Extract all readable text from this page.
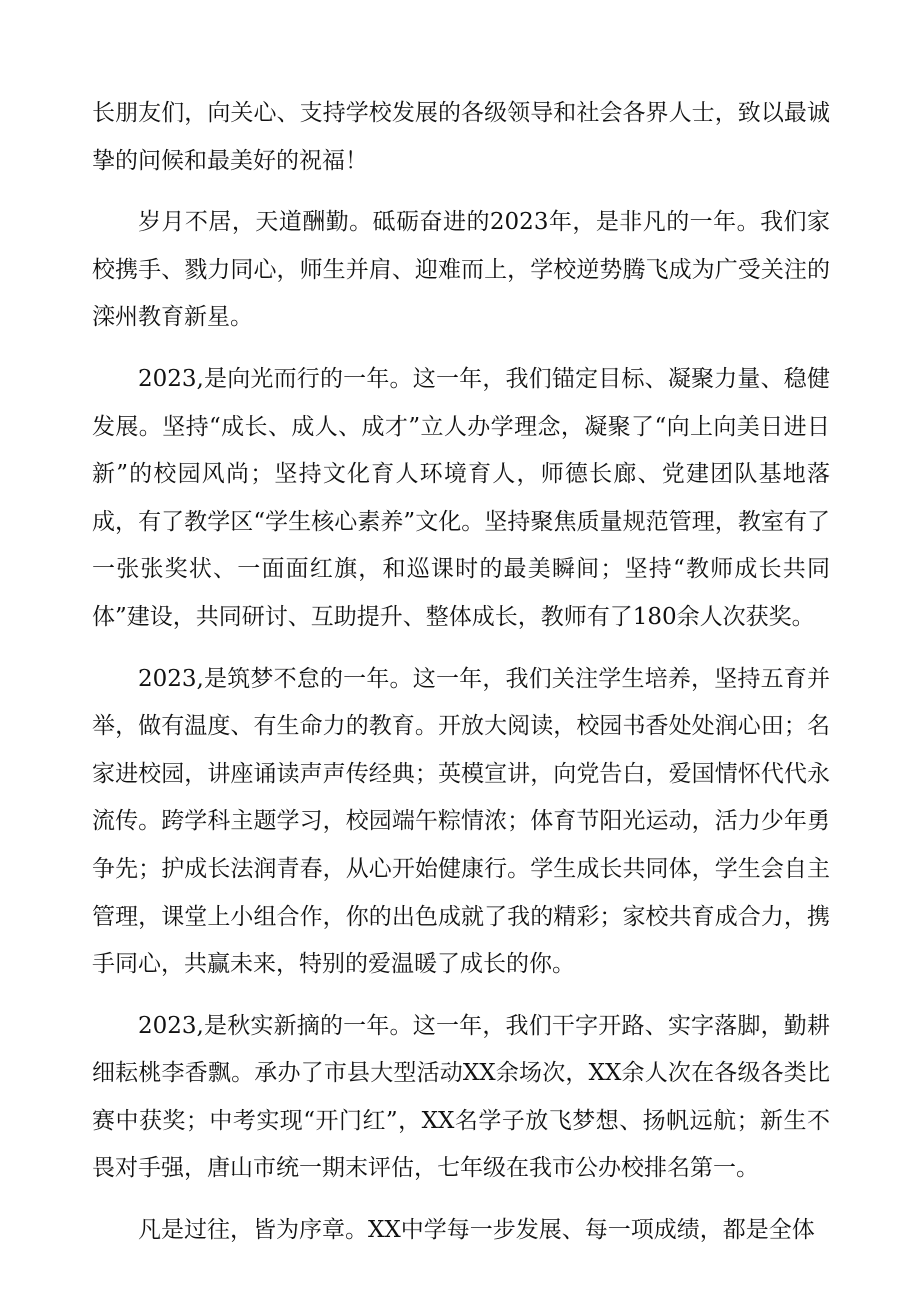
长朋友们，向关心、支持学校发展的各级领导和社会各界人士，致以最诚挚的问候和最美好的祝福！

岁月不居，天道酬勤。砥砺奋进的2023年，是非凡的一年。我们家校携手、戮力同心，师生并肩、迎难而上，学校逆势腾飞成为广受关注的滦州教育新星。

2023,是向光而行的一年。这一年，我们锚定目标、凝聚力量、稳健发展。坚持“成长、成人、成才”立人办学理念，凝聚了“向上向美日进日新”的校园风尚；坚持文化育人环境育人，师德长廊、党建团队基地落成，有了教学区“学生核心素养”文化。坚持聚焦质量规范管理，教室有了一张张奖状、一面面红旗，和巡课时的最美瞬间；坚持“教师成长共同体”建设，共同研讨、互助提升、整体成长，教师有了180余人次获奖。

2023,是筑梦不怠的一年。这一年，我们关注学生培养，坚持五育并举，做有温度、有生命力的教育。开放大阅读，校园书香处处润心田；名家进校园，讲座诵读声声传经典；英模宣讲，向党告白，爱国情怀代代永流传。跨学科主题学习，校园端午粽情浓；体育节阳光运动，活力少年勇争先；护成长法润青春，从心开始健康行。学生成长共同体，学生会自主管理，课堂上小组合作，你的出色成就了我的精彩；家校共育成合力，携手同心，共赢未来，特别的爱温暖了成长的你。

2023,是秋实新摘的一年。这一年，我们干字开路、实字落脚，勤耕细耘桃李香飘。承办了市县大型活动XX余场次，XX余人次在各级各类比赛中获奖；中考实现“开门红”，XX名学子放飞梦想、扬帆远航；新生不畏对手强，唐山市统一期末评估，七年级在我市公办校排名第一。

凡是过往，皆为序章。XX中学每一步发展、每一项成绩，都是全体
